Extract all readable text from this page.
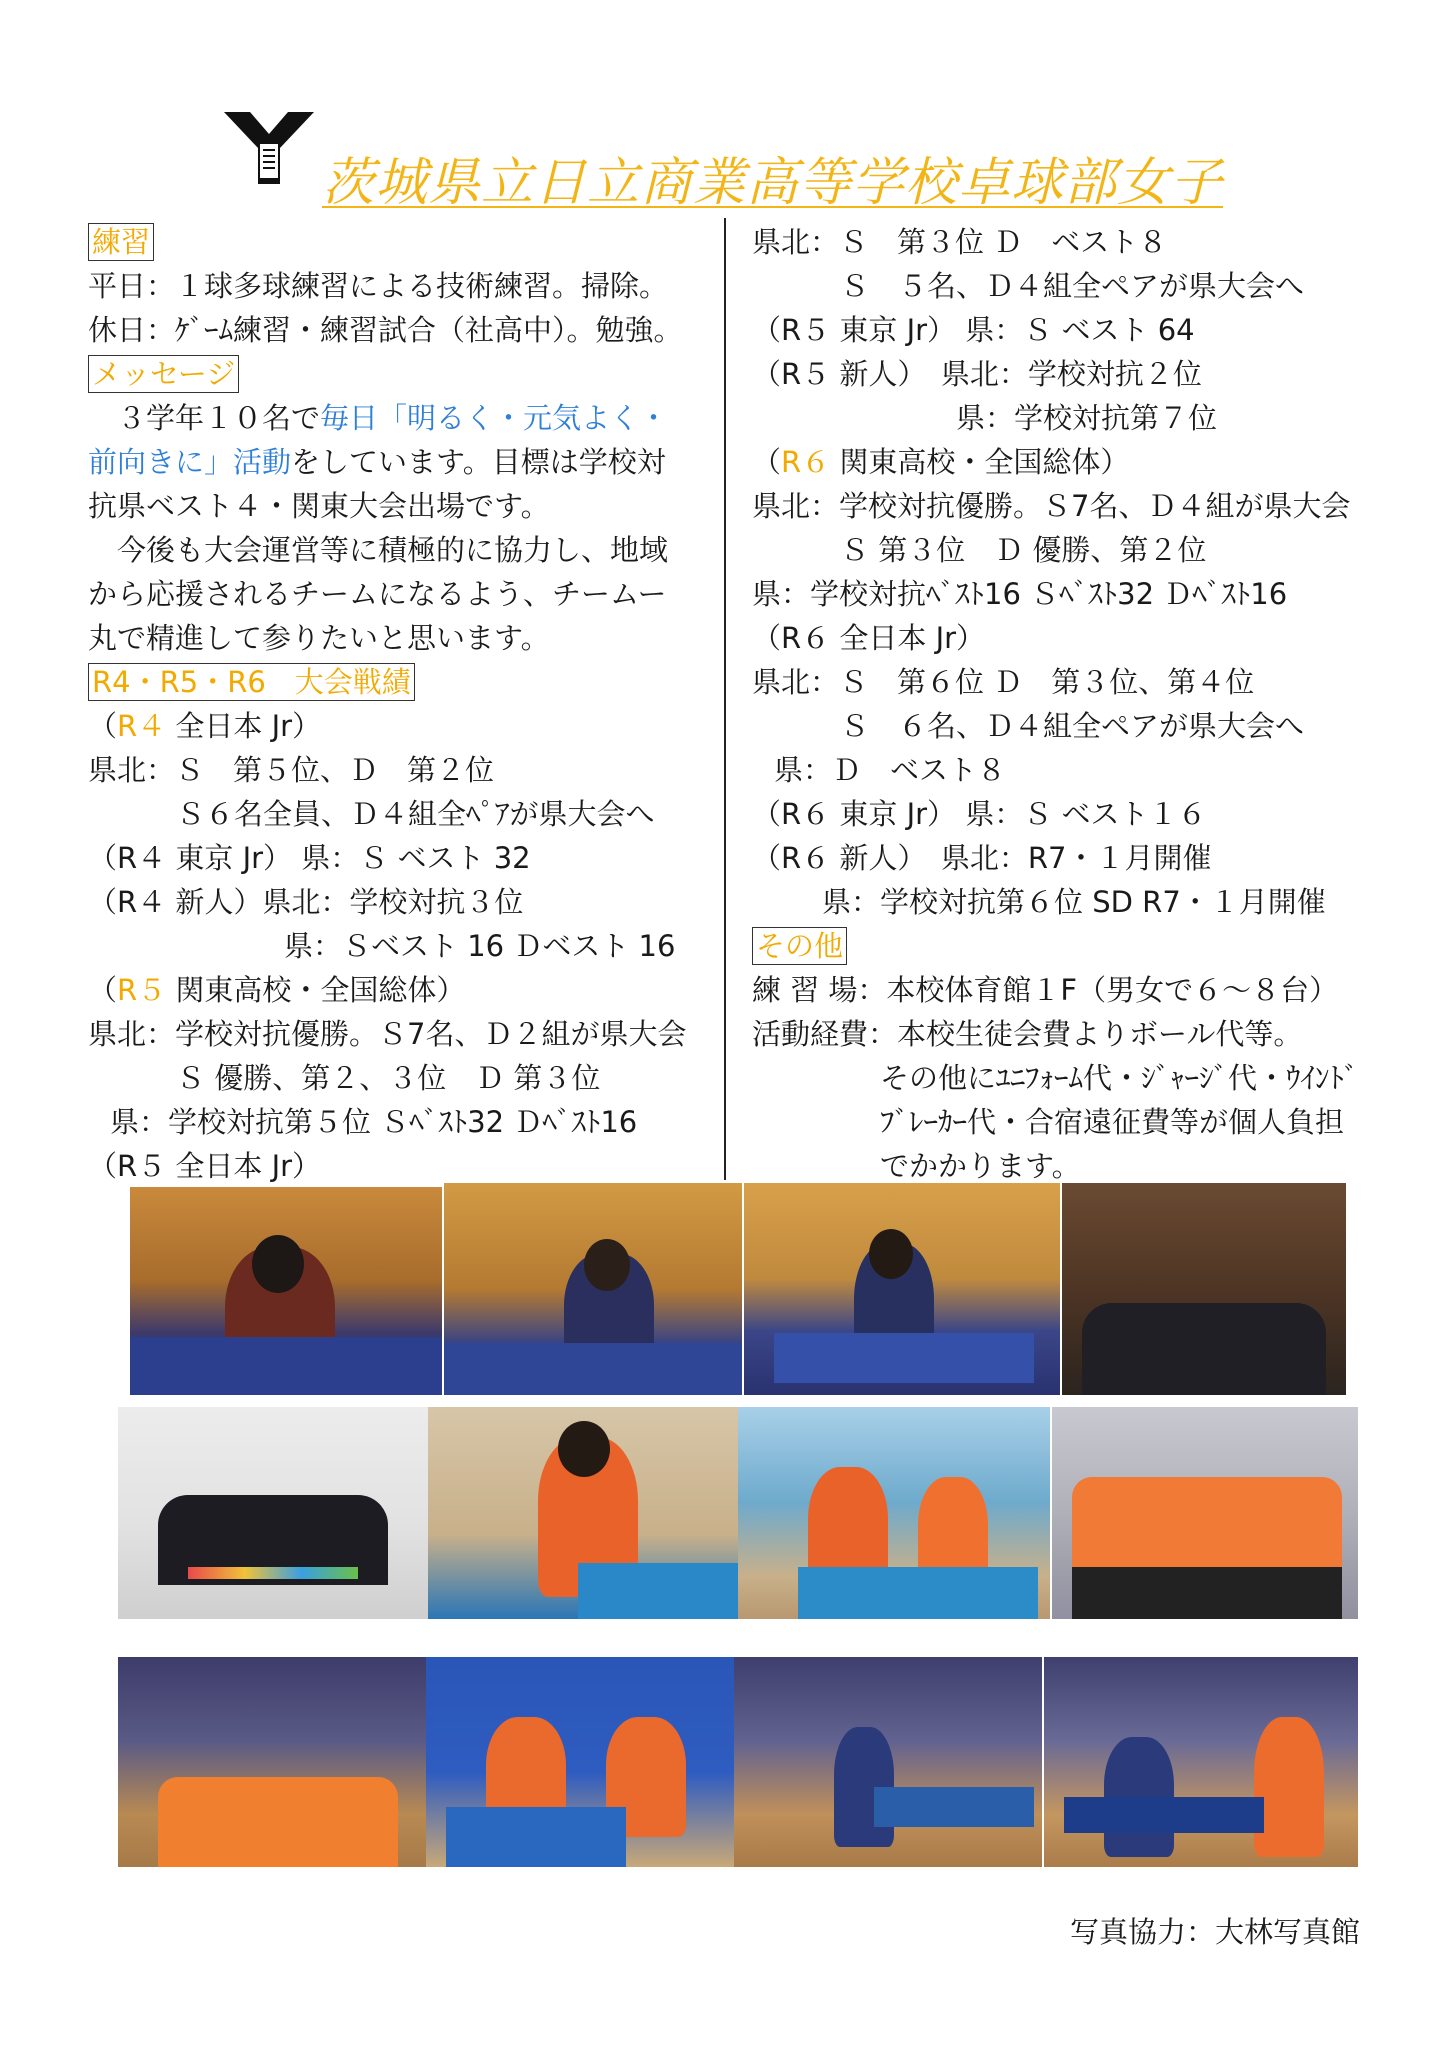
茨城県立日立商業高等学校卓球部女子
練習
平日：１球多球練習による技術練習。掃除。
休日：ｹﾞｰﾑ練習・練習試合（社高中）。勉強。
メッセージ
３学年１０名で毎日「明るく・元気よく・
前向きに」活動をしています。目標は学校対
抗県ベスト４・関東大会出場です。
今後も大会運営等に積極的に協力し、地域
から応援されるチームになるよう、チームー
丸で精進して参りたいと思います。
R4・R5・R6　大会戦績
（R４ 全日本 Jr）
県北：Ｓ　第５位、Ｄ　第２位
Ｓ６名全員、Ｄ４組全ﾍﾟｱが県大会へ
（R４ 東京 Jr） 県：Ｓ ベスト 32
（R４ 新人）県北：学校対抗３位
県：Ｓベスト 16 Ｄベスト 16
（R５ 関東高校・全国総体）
県北：学校対抗優勝。Ｓ7名、Ｄ２組が県大会
Ｓ 優勝、第２、３位　Ｄ 第３位
県：学校対抗第５位 Ｓﾍﾞｽﾄ32 Ｄﾍﾞｽﾄ16
（R５ 全日本 Jr）
県北：Ｓ　第３位 Ｄ　ベスト８
Ｓ　５名、Ｄ４組全ペアが県大会へ
（R５ 東京 Jr） 県：Ｓ ベスト 64
（R５ 新人）　県北：学校対抗２位
県：学校対抗第７位
（R６ 関東高校・全国総体）
県北：学校対抗優勝。Ｓ7名、Ｄ４組が県大会
Ｓ 第３位　Ｄ 優勝、第２位
県：学校対抗ﾍﾞｽﾄ16 Ｓﾍﾞｽﾄ32 Ｄﾍﾞｽﾄ16
（R６ 全日本 Jr）
県北：Ｓ　第６位 Ｄ　第３位、第４位
Ｓ　６名、Ｄ４組全ペアが県大会へ
県：Ｄ　ベスト８
（R６ 東京 Jr） 県：Ｓ ベスト１６
（R６ 新人）　県北：R7・１月開催
県：学校対抗第６位 SD R7・１月開催
その他
練 習 場：本校体育館１F（男女で６～８台）
活動経費：本校生徒会費よりボール代等。
その他にﾕﾆﾌｫｰﾑ代・ｼﾞｬｰｼﾞ代・ｳｲﾝﾄﾞ
ﾌﾞﾚｰｶｰ代・合宿遠征費等が個人負担
でかかります。
写真協力：大林写真館
